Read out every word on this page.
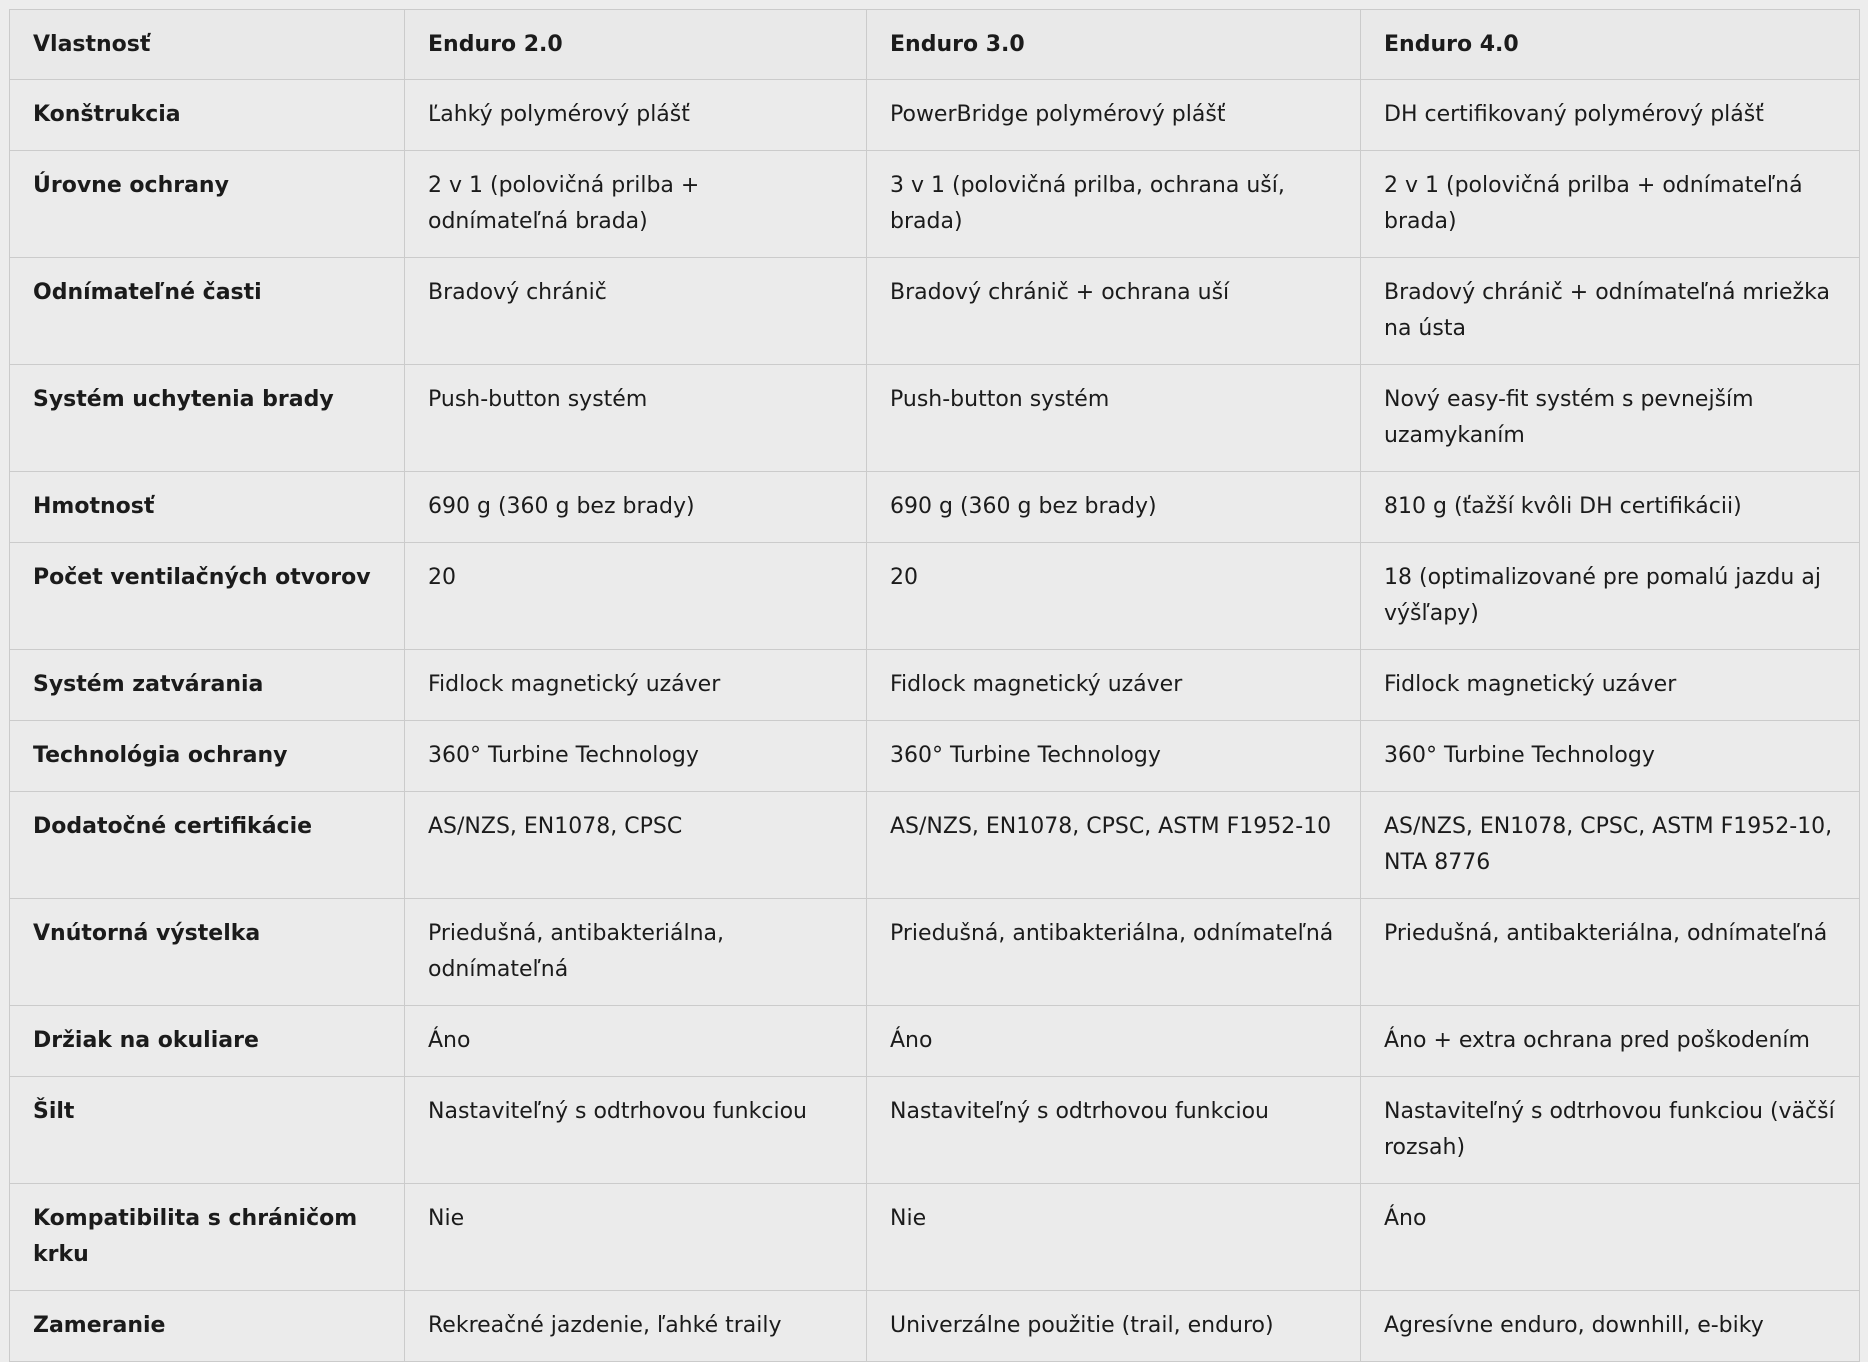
Vlastnosť	Enduro 2.0	Enduro 3.0	Enduro 4.0
Konštrukcia	Ľahký polymérový plášť	PowerBridge polymérový plášť	DH certifikovaný polymérový plášť
Úrovne ochrany	2 v 1 (polovičná prilba + odnímateľná brada)	3 v 1 (polovičná prilba, ochrana uší, brada)	2 v 1 (polovičná prilba + odnímateľná brada)
Odnímateľné časti	Bradový chránič	Bradový chránič + ochrana uší	Bradový chránič + odnímateľná mriežka na ústa
Systém uchytenia brady	Push-button systém	Push-button systém	Nový easy-fit systém s pevnejším uzamykaním
Hmotnosť	690 g (360 g bez brady)	690 g (360 g bez brady)	810 g (ťažší kvôli DH certifikácii)
Počet ventilačných otvorov	20	20	18 (optimalizované pre pomalú jazdu aj výšľapy)
Systém zatvárania	Fidlock magnetický uzáver	Fidlock magnetický uzáver	Fidlock magnetický uzáver
Technológia ochrany	360° Turbine Technology	360° Turbine Technology	360° Turbine Technology
Dodatočné certifikácie	AS/NZS, EN1078, CPSC	AS/NZS, EN1078, CPSC, ASTM F1952-10	AS/NZS, EN1078, CPSC, ASTM F1952-10, NTA 8776
Vnútorná výstelka	Priedušná, antibakteriálna, odnímateľná	Priedušná, antibakteriálna, odnímateľná	Priedušná, antibakteriálna, odnímateľná
Držiak na okuliare	Áno	Áno	Áno + extra ochrana pred poškodením
Šilt	Nastaviteľný s odtrhovou funkciou	Nastaviteľný s odtrhovou funkciou	Nastaviteľný s odtrhovou funkciou (väčší rozsah)
Kompatibilita s chráničom krku	Nie	Nie	Áno
Zameranie	Rekreačné jazdenie, ľahké traily	Univerzálne použitie (trail, enduro)	Agresívne enduro, downhill, e-biky
